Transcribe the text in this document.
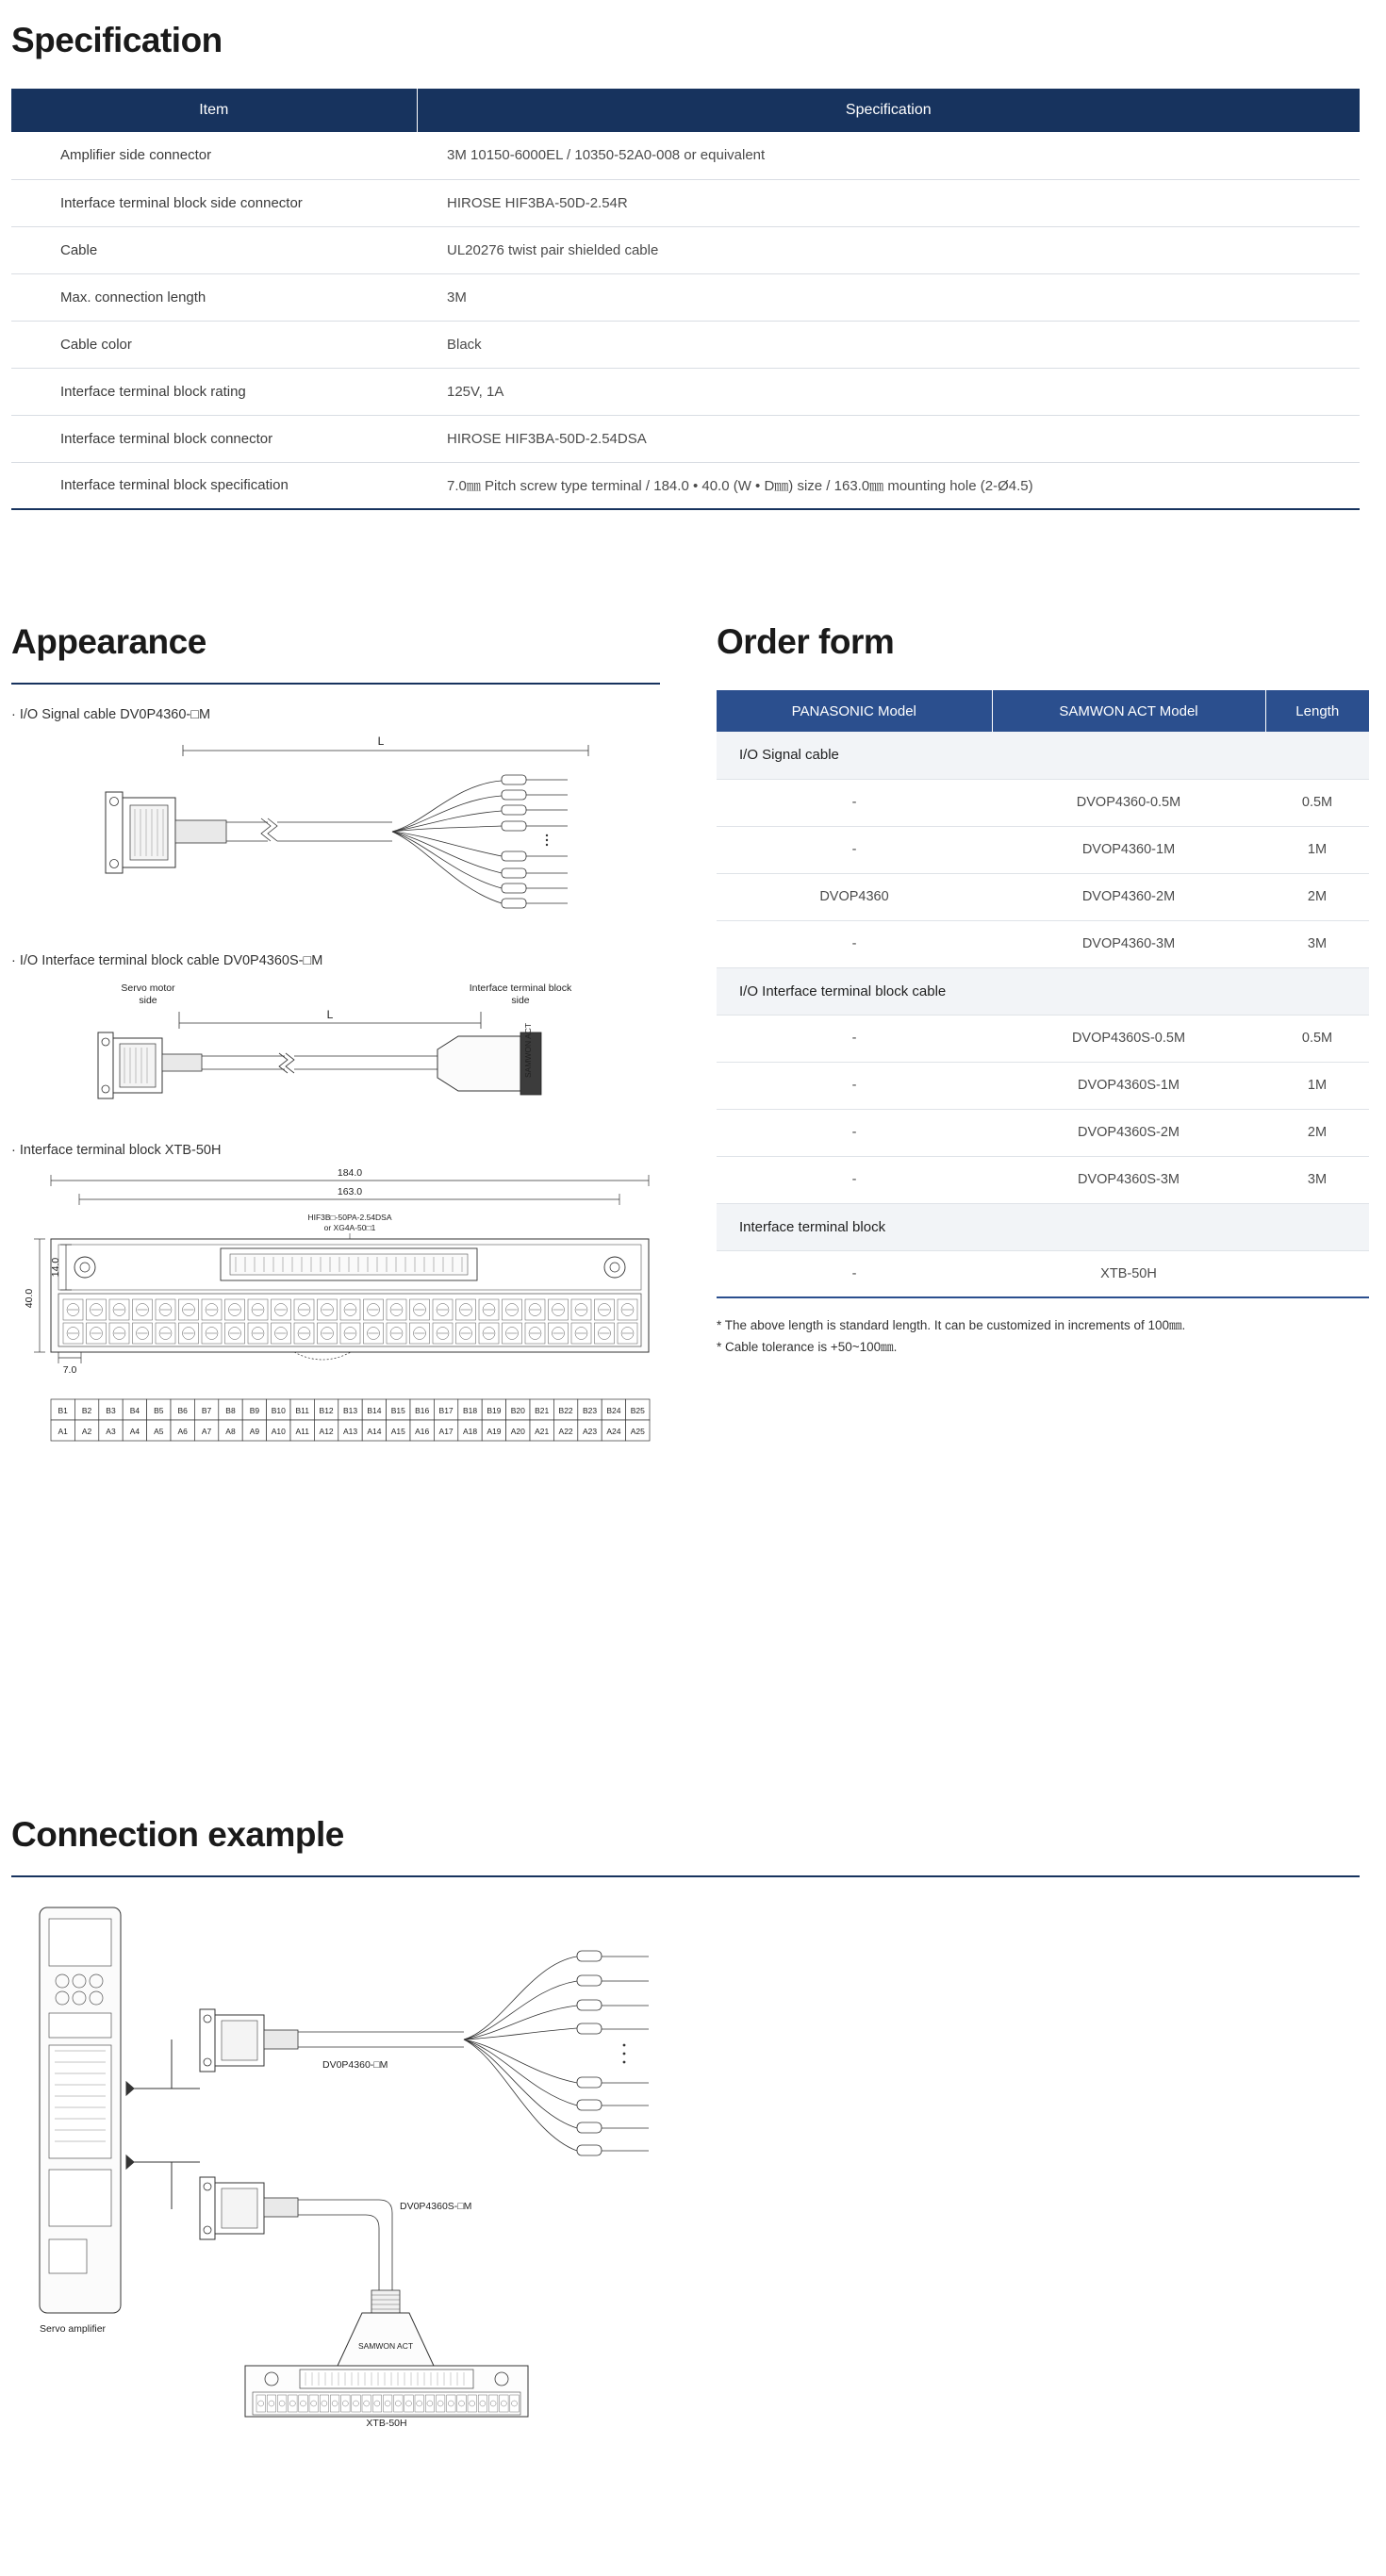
Specification
Item	Specification
Amplifier side connector	3M 10150-6000EL / 10350-52A0-008 or equivalent
Interface terminal block side connector	HIROSE HIF3BA-50D-2.54R
Cable	UL20276 twist pair shielded cable
Max. connection length	3M
Cable color	Black
Interface terminal block rating	125V, 1A
Interface terminal block connector	HIROSE HIF3BA-50D-2.54DSA
Interface terminal block specification	7.0㎜ Pitch screw type terminal / 184.0 • 40.0 (W • D㎜) size / 163.0㎜ mounting hole (2-Ø4.5)
Appearance
· I/O Signal cable DV0P4360-□M
L
· I/O Interface terminal block cable DV0P4360S-□M
Servo motor
side
Interface terminal block
side
L
SAMWON ACT
· Interface terminal block XTB-50H
184.0
163.0
HIF3B□-50PA-2.54DSA
or XG4A-50□1
40.0
14.0
7.0

B1 B2 B3 B4 B5 B6 B7 B8 B9 B10 B11 B12 B13 B14 B15 B16 B17 B18 B19 B20 B21 B22 B23 B24 B25
A1 A2 A3 A4 A5 A6 A7 A8 A9 A10 A11 A12 A13 A14 A15 A16 A17 A18 A19 A20 A21 A22 A23 A24 A25
Order form
PANASONIC Model	SAMWON ACT Model	Length
I/O Signal cable		
-	DVOP4360-0.5M	0.5M
-	DVOP4360-1M	1M
DVOP4360	DVOP4360-2M	2M
-	DVOP4360-3M	3M
I/O Interface terminal block cable		
-	DVOP4360S-0.5M	0.5M
-	DVOP4360S-1M	1M
-	DVOP4360S-2M	2M
-	DVOP4360S-3M	3M
Interface terminal block		
-	XTB-50H	
* The above length is standard length. It can be customized in increments of 100㎜.
* Cable tolerance is +50~100㎜.
Connection example
Servo amplifier
DV0P4360-□M
DV0P4360S-□M
SAMWON ACT
XTB-50H
